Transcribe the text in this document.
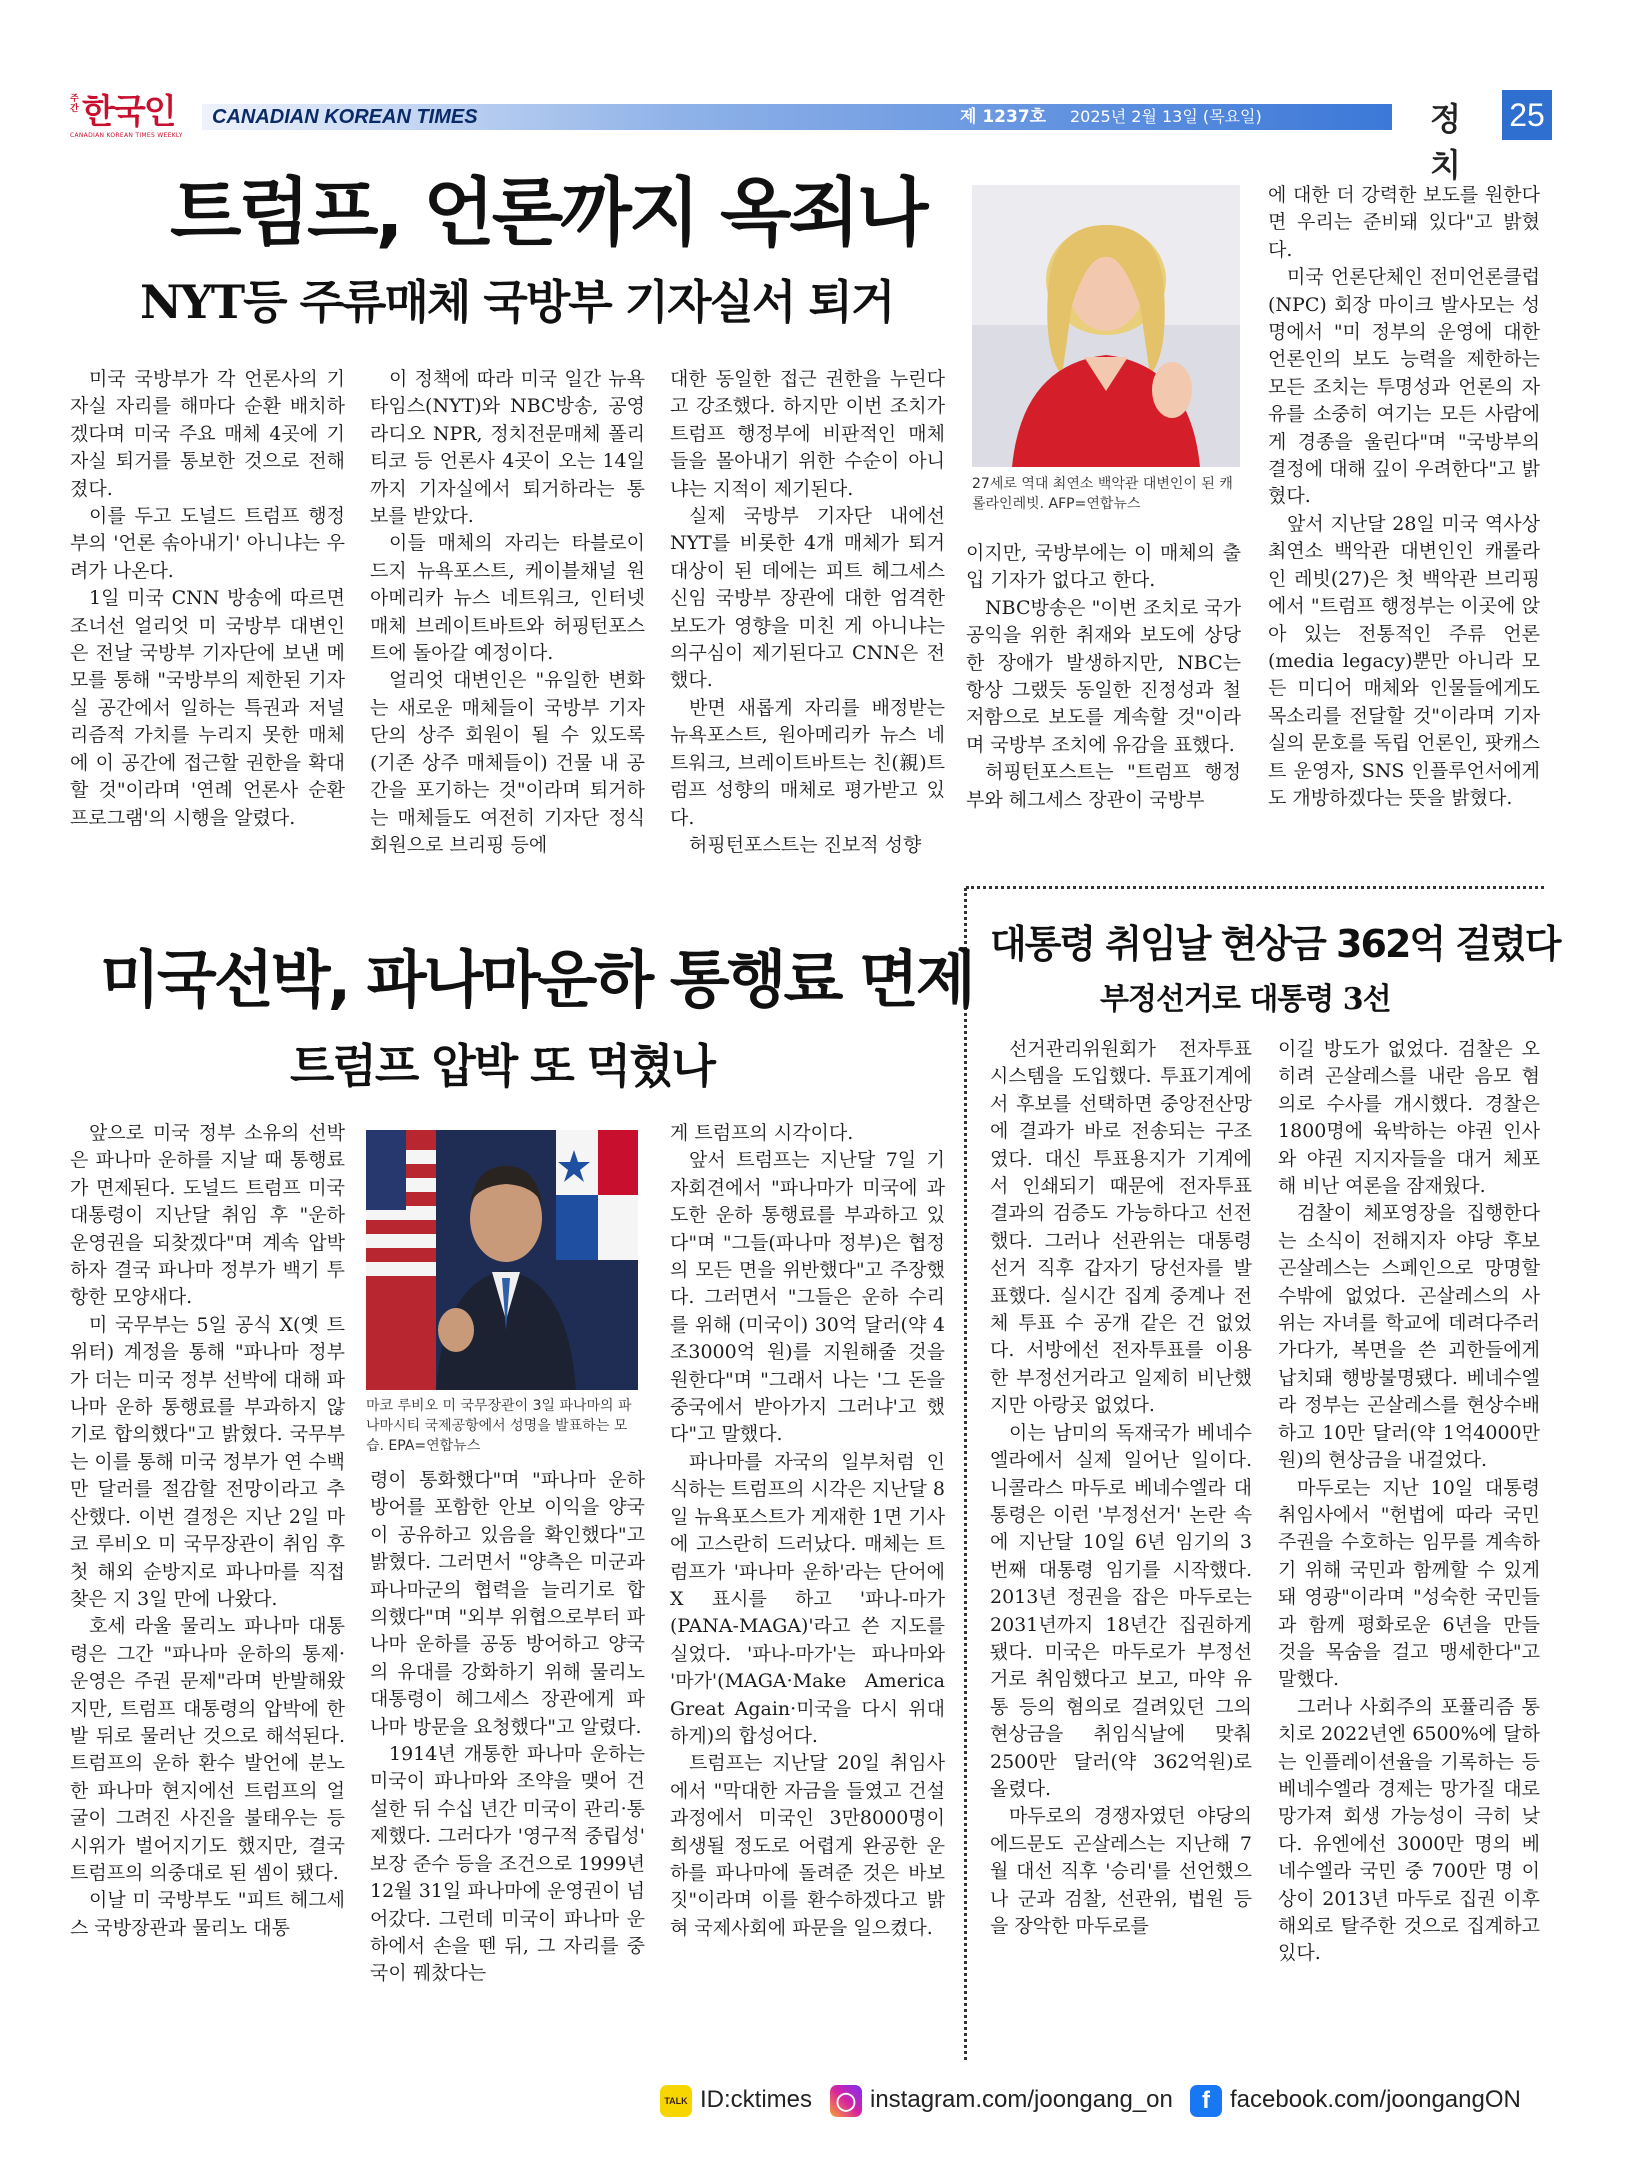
주간 한국인
CANADIAN KOREAN TIMES WEEKLY
CANADIAN KOREAN TIMES	제 1237호 2025년 2월 13일 (목요일)	정 치
25
트럼프, 언론까지 옥죄나
NYT등 주류매체 국방부 기자실서 퇴거

미국 국방부가 각 언론사의 기자실 자리를 해마다 순환 배치하겠다며 미국 주요 매체 4곳에 기자실 퇴거를 통보한 것으로 전해졌다.

이를 두고 도널드 트럼프 행정부의 '언론 솎아내기' 아니냐는 우려가 나온다.

1일 미국 CNN 방송에 따르면 조너선 얼리엇 미 국방부 대변인은 전날 국방부 기자단에 보낸 메모를 통해 "국방부의 제한된 기자실 공간에서 일하는 특권과 저널리즘적 가치를 누리지 못한 매체에 이 공간에 접근할 권한을 확대할 것"이라며 '연례 언론사 순환 프로그램'의 시행을 알렸다.

이 정책에 따라 미국 일간 뉴욕타임스(NYT)와 NBC방송, 공영 라디오 NPR, 정치전문매체 폴리티코 등 언론사 4곳이 오는 14일까지 기자실에서 퇴거하라는 통보를 받았다.

이들 매체의 자리는 타블로이드지 뉴욕포스트, 케이블채널 원아메리카 뉴스 네트워크, 인터넷 매체 브레이트바트와 허핑턴포스트에 돌아갈 예정이다.

얼리엇 대변인은 "유일한 변화는 새로운 매체들이 국방부 기자단의 상주 회원이 될 수 있도록 (기존 상주 매체들이) 건물 내 공간을 포기하는 것"이라며 퇴거하는 매체들도 여전히 기자단 정식 회원으로 브리핑 등에

대한 동일한 접근 권한을 누린다고 강조했다. 하지만 이번 조치가 트럼프 행정부에 비판적인 매체들을 몰아내기 위한 수순이 아니냐는 지적이 제기된다.

실제 국방부 기자단 내에선 NYT를 비롯한 4개 매체가 퇴거 대상이 된 데에는 피트 헤그세스 신임 국방부 장관에 대한 엄격한 보도가 영향을 미친 게 아니냐는 의구심이 제기된다고 CNN은 전했다.

반면 새롭게 자리를 배정받는 뉴욕포스트, 원아메리카 뉴스 네트워크, 브레이트바트는 친(親)트럼프 성향의 매체로 평가받고 있다.

허핑턴포스트는 진보적 성향

27세로 역대 최연소 백악관 대변인이 된 캐롤라인레빗. AFP=연합뉴스

이지만, 국방부에는 이 매체의 출입 기자가 없다고 한다.

NBC방송은 "이번 조치로 국가 공익을 위한 취재와 보도에 상당한 장애가 발생하지만, NBC는 항상 그랬듯 동일한 진정성과 철저함으로 보도를 계속할 것"이라며 국방부 조치에 유감을 표했다.

허핑턴포스트는 "트럼프 행정부와 헤그세스 장관이 국방부

에 대한 더 강력한 보도를 원한다면 우리는 준비돼 있다"고 밝혔다.

미국 언론단체인 전미언론클럽(NPC) 회장 마이크 발사모는 성명에서 "미 정부의 운영에 대한 언론인의 보도 능력을 제한하는 모든 조치는 투명성과 언론의 자유를 소중히 여기는 모든 사람에게 경종을 울린다"며 "국방부의 결정에 대해 깊이 우려한다"고 밝혔다.

앞서 지난달 28일 미국 역사상 최연소 백악관 대변인인 캐롤라인 레빗(27)은 첫 백악관 브리핑에서 "트럼프 행정부는 이곳에 앉아 있는 전통적인 주류 언론(media legacy)뿐만 아니라 모든 미디어 매체와 인물들에게도 목소리를 전달할 것"이라며 기자실의 문호를 독립 언론인, 팟캐스트 운영자, SNS 인플루언서에게도 개방하겠다는 뜻을 밝혔다.

미국선박, 파나마운하 통행료 면제
트럼프 압박 또 먹혔나

앞으로 미국 정부 소유의 선박은 파나마 운하를 지날 때 통행료가 면제된다. 도널드 트럼프 미국 대통령이 지난달 취임 후 "운하 운영권을 되찾겠다"며 계속 압박하자 결국 파나마 정부가 백기 투항한 모양새다.

미 국무부는 5일 공식 X(옛 트위터) 계정을 통해 "파나마 정부가 더는 미국 정부 선박에 대해 파나마 운하 통행료를 부과하지 않기로 합의했다"고 밝혔다. 국무부는 이를 통해 미국 정부가 연 수백만 달러를 절감할 전망이라고 추산했다. 이번 결정은 지난 2일 마코 루비오 미 국무장관이 취임 후 첫 해외 순방지로 파나마를 직접 찾은 지 3일 만에 나왔다.

호세 라울 물리노 파나마 대통령은 그간 "파나마 운하의 통제·운영은 주권 문제"라며 반발해왔지만, 트럼프 대통령의 압박에 한발 뒤로 물러난 것으로 해석된다. 트럼프의 운하 환수 발언에 분노한 파나마 현지에선 트럼프의 얼굴이 그려진 사진을 불태우는 등 시위가 벌어지기도 했지만, 결국 트럼프의 의중대로 된 셈이 됐다.

이날 미 국방부도 "피트 헤그세스 국방장관과 물리노 대통

마코 루비오 미 국무장관이 3일 파나마의 파나마시티 국제공항에서 성명을 발표하는 모습. EPA=연합뉴스

령이 통화했다"며 "파나마 운하 방어를 포함한 안보 이익을 양국이 공유하고 있음을 확인했다"고 밝혔다. 그러면서 "양측은 미군과 파나마군의 협력을 늘리기로 합의했다"며 "외부 위협으로부터 파나마 운하를 공동 방어하고 양국의 유대를 강화하기 위해 물리노 대통령이 헤그세스 장관에게 파나마 방문을 요청했다"고 알렸다.

1914년 개통한 파나마 운하는 미국이 파나마와 조약을 맺어 건설한 뒤 수십 년간 미국이 관리·통제했다. 그러다가 '영구적 중립성' 보장 준수 등을 조건으로 1999년 12월 31일 파나마에 운영권이 넘어갔다. 그런데 미국이 파나마 운하에서 손을 뗀 뒤, 그 자리를 중국이 꿰찼다는

게 트럼프의 시각이다.

앞서 트럼프는 지난달 7일 기자회견에서 "파나마가 미국에 과도한 운하 통행료를 부과하고 있다"며 "그들(파나마 정부)은 협정의 모든 면을 위반했다"고 주장했다. 그러면서 "그들은 운하 수리를 위해 (미국이) 30억 달러(약 4조3000억 원)를 지원해줄 것을 원한다"며 "그래서 나는 '그 돈을 중국에서 받아가지 그러냐'고 했다"고 말했다.

파나마를 자국의 일부처럼 인식하는 트럼프의 시각은 지난달 8일 뉴욕포스트가 게재한 1면 기사에 고스란히 드러났다. 매체는 트럼프가 '파나마 운하'라는 단어에 X 표시를 하고 '파나-마가(PANA-MAGA)'라고 쓴 지도를 실었다. '파나-마가'는 파나마와 '마가'(MAGA·Make America Great Again·미국을 다시 위대하게)의 합성어다.

트럼프는 지난달 20일 취임사에서 "막대한 자금을 들였고 건설 과정에서 미국인 3만8000명이 희생될 정도로 어렵게 완공한 운하를 파나마에 돌려준 것은 바보 짓"이라며 이를 환수하겠다고 밝혀 국제사회에 파문을 일으켰다.

대통령 취임날 현상금 362억 걸렸다
부정선거로 대통령 3선

선거관리위원회가 전자투표 시스템을 도입했다. 투표기계에서 후보를 선택하면 중앙전산망에 결과가 바로 전송되는 구조였다. 대신 투표용지가 기계에서 인쇄되기 때문에 전자투표 결과의 검증도 가능하다고 선전했다. 그러나 선관위는 대통령선거 직후 갑자기 당선자를 발표했다. 실시간 집계 중계나 전체 투표 수 공개 같은 건 없었다. 서방에선 전자투표를 이용한 부정선거라고 일제히 비난했지만 아랑곳 없었다.

이는 남미의 독재국가 베네수엘라에서 실제 일어난 일이다. 니콜라스 마두로 베네수엘라 대통령은 이런 '부정선거' 논란 속에 지난달 10일 6년 임기의 3번째 대통령 임기를 시작했다. 2013년 정권을 잡은 마두로는 2031년까지 18년간 집권하게 됐다. 미국은 마두로가 부정선거로 취임했다고 보고, 마약 유통 등의 혐의로 걸려있던 그의 현상금을 취임식날에 맞춰 2500만 달러(약 362억원)로 올렸다.

마두로의 경쟁자였던 야당의 에드문도 곤살레스는 지난해 7월 대선 직후 '승리'를 선언했으나 군과 검찰, 선관위, 법원 등을 장악한 마두로를

이길 방도가 없었다. 검찰은 오히려 곤살레스를 내란 음모 혐의로 수사를 개시했다. 경찰은 1800명에 육박하는 야권 인사와 야권 지지자들을 대거 체포해 비난 여론을 잠재웠다.

검찰이 체포영장을 집행한다는 소식이 전해지자 야당 후보 곤살레스는 스페인으로 망명할 수밖에 없었다. 곤살레스의 사위는 자녀를 학교에 데려다주러 가다가, 복면을 쓴 괴한들에게 납치돼 행방불명됐다. 베네수엘라 정부는 곤살레스를 현상수배하고 10만 달러(약 1억4000만원)의 현상금을 내걸었다.

마두로는 지난 10일 대통령 취임사에서 "헌법에 따라 국민 주권을 수호하는 임무를 계속하기 위해 국민과 함께할 수 있게 돼 영광"이라며 "성숙한 국민들과 함께 평화로운 6년을 만들 것을 목숨을 걸고 맹세한다"고 말했다.

그러나 사회주의 포퓰리즘 통치로 2022년엔 6500%에 달하는 인플레이션율을 기록하는 등 베네수엘라 경제는 망가질 대로 망가져 회생 가능성이 극히 낮다. 유엔에선 3000만 명의 베네수엘라 국민 중 700만 명 이상이 2013년 마두로 집권 이후 해외로 탈주한 것으로 집계하고 있다.

TALK ID:cktimes	◯ instagram.com/joongang_on	f facebook.com/joongangON
